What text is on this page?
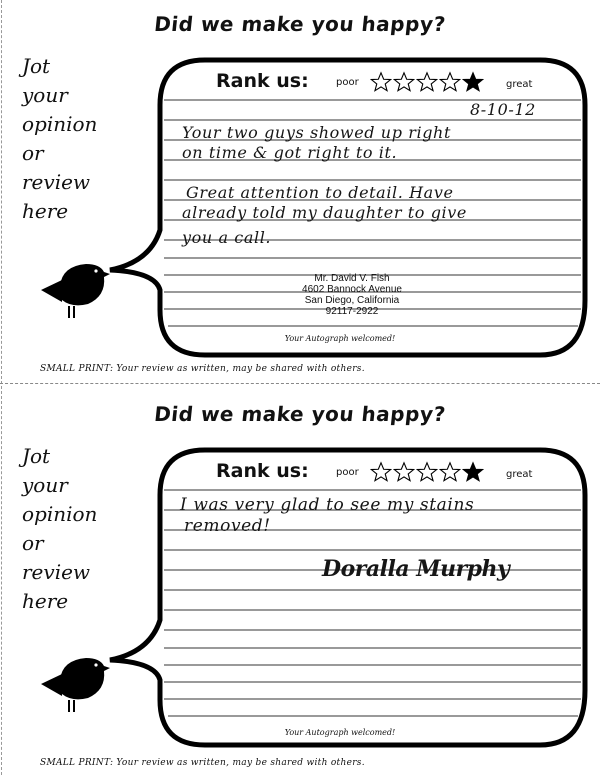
Did we make you happy?
Jot
your
opinion
or
review
here
Rank us:	poor	great
8-10-12
Your two guys showed up right
on time & got right to it.
Great attention to detail. Have
already told my daughter to give
you a call.
Mr. David V. Fish
4602 Bannock Avenue
San Diego, California
92117-2922
Your Autograph welcomed!
SMALL PRINT: Your review as written, may be shared with others.
Did we make you happy?
Jot
your
opinion
or
review
here
Rank us:	poor	great
I was very glad to see my stains
removed!
Doralla Murphy
Your Autograph welcomed!
SMALL PRINT: Your review as written, may be shared with others.
